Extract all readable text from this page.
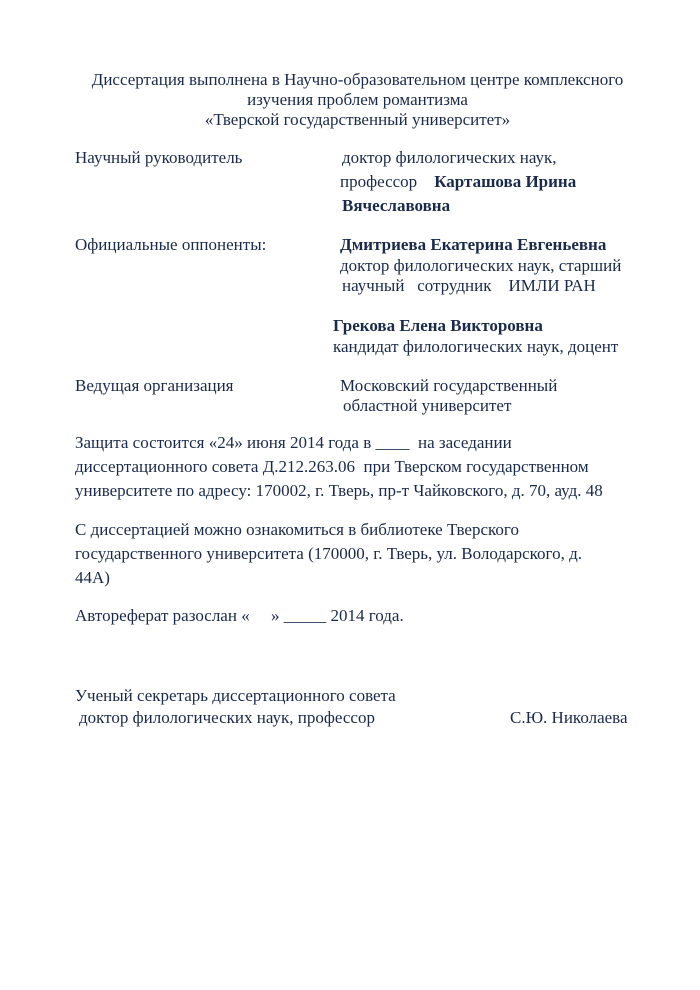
Диссертация выполнена в Научно-образовательном центре комплексного
изучения проблем романтизма
«Тверской государственный университет»
Научный руководитель	доктор филологических наук,
профессор Карташова Ирина
Вячеславовна
Официальные оппоненты:	Дмитриева Екатерина Евгеньевна
доктор филологических наук, старший
научный   сотрудник    ИМЛИ РАН
Грекова Елена Викторовна
кандидат филологических наук, доцент
Ведущая организация	Московский государственный
областной университет
Защита состоится «24» июня 2014 года в ____  на заседании
диссертационного совета Д.212.263.06  при Тверском государственном
университете по адресу: 170002, г. Тверь, пр-т Чайковского, д. 70, ауд. 48
С диссертацией можно ознакомиться в библиотеке Тверского
государственного университета (170000, г. Тверь, ул. Володарского, д.
44А)
Автореферат разослан «     » _____ 2014 года.
Ученый секретарь диссертационного совета
доктор филологических наук, профессор	С.Ю. Николаева
